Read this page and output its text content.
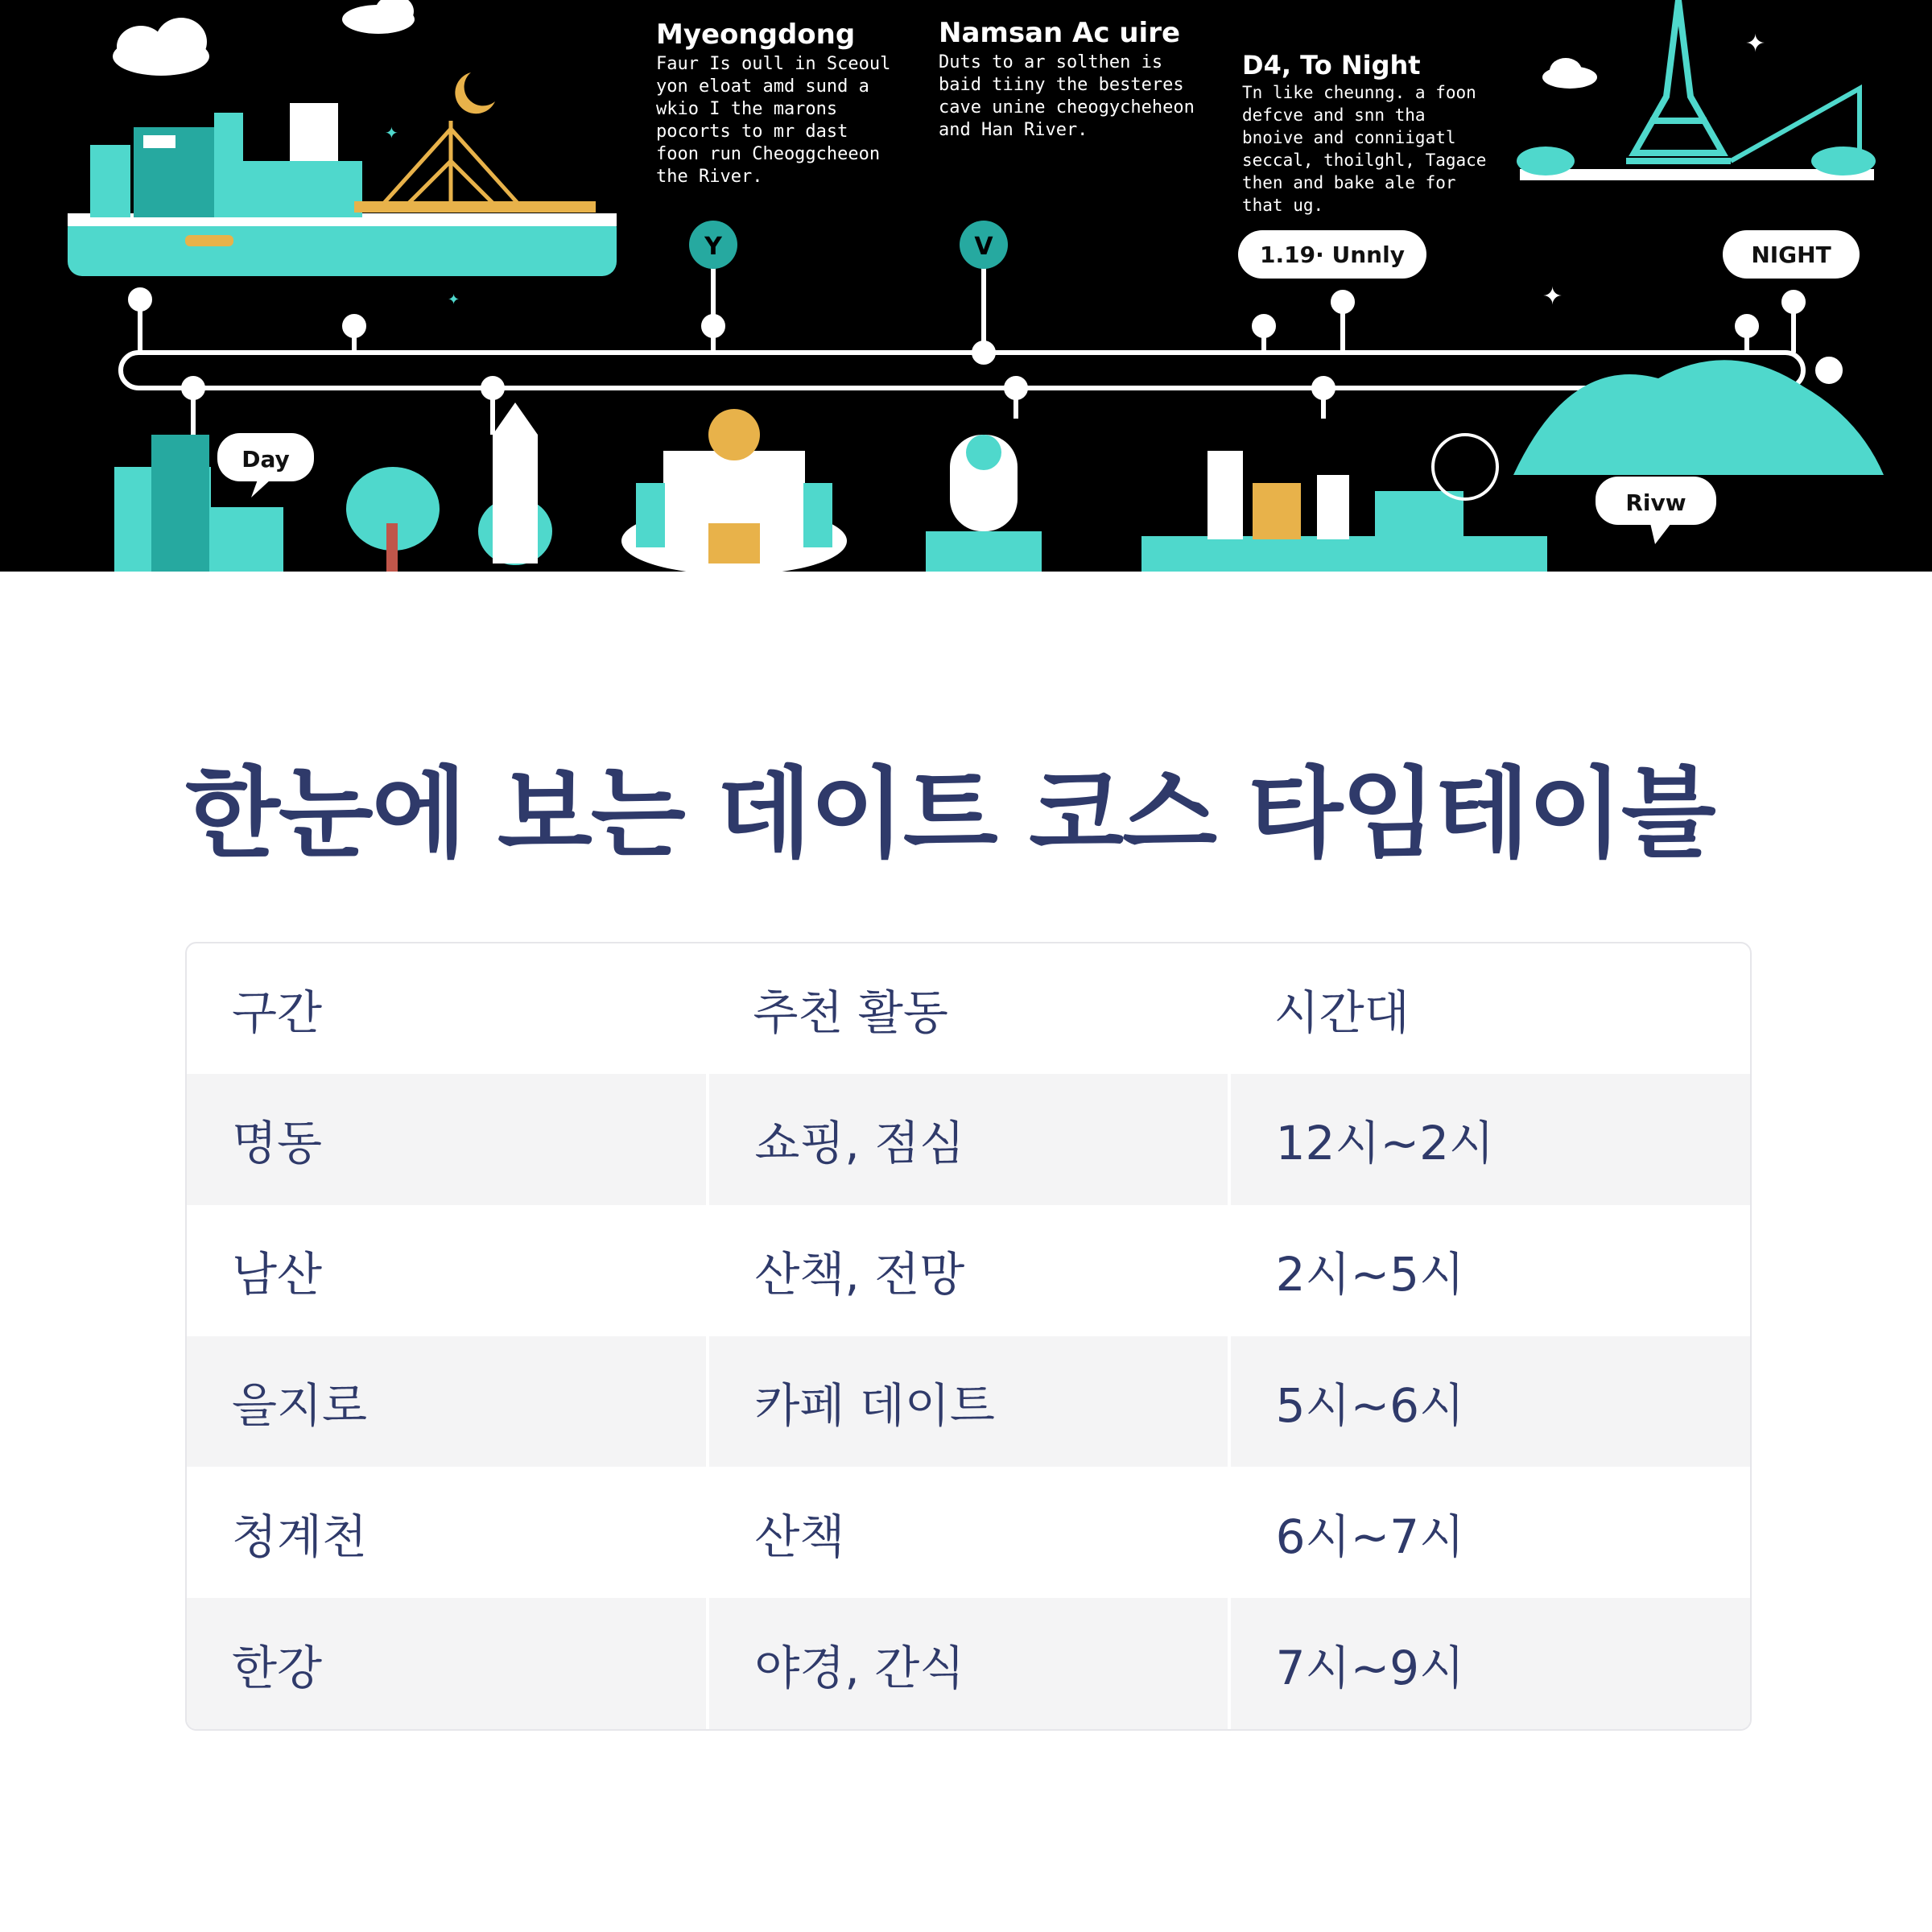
✦
✦
✦
✦
Y	V
Myeongdong
Faur Is oull in Sceoul
yon eloat amd sund a
wkio I the marons
pocorts to mr dast
foon run Cheoggcheeon
the River.
Namsan Ac uire
Duts to ar solthen is
baid tiiny the besteres
cave unine cheogycheheon
and Han River.
D4, To Night
Tn like cheunng. a foon
defcve and snn tha
bnoive and conniigatl
seccal, thoilghl, Tagace
then and bake ale for
that ug.
1.19· Unnly	NIGHT
Day
Rivw
한눈에 보는 데이트 코스 타임테이블
구간	추천 활동	시간대
명동	쇼핑, 점심	12시~2시
남산	산책, 전망	2시~5시
을지로	카페 데이트	5시~6시
청계천	산책	6시~7시
한강	야경, 간식	7시~9시
